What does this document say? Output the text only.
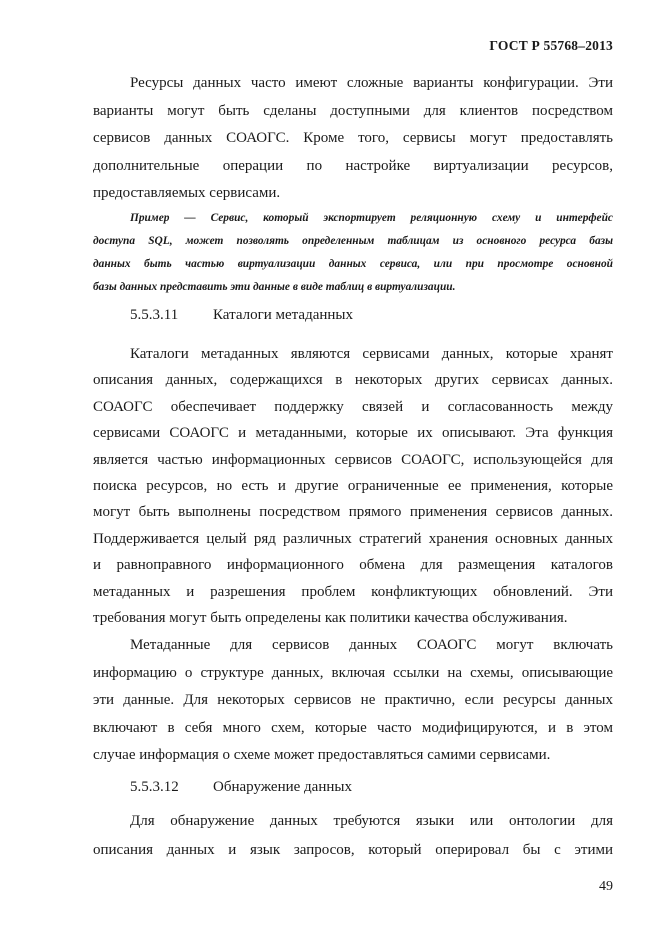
ГОСТ Р 55768–2013
Ресурсы данных часто имеют сложные варианты конфигурации. Эти
варианты могут быть сделаны доступными для клиентов посредством
сервисов данных СОАОГС. Кроме того, сервисы могут предоставлять
дополнительные операции по настройке виртуализации ресурсов,
предоставляемых сервисами.
Пример — Сервис, который экспортирует реляционную схему и интерфейс
доступа SQL, может позволять определенным таблицам из основного ресурса базы
данных быть частью виртуализации данных сервиса, или при просмотре основной
базы данных представить эти данные в виде таблиц в виртуализации.
5.5.3.11 Каталоги метаданных
Каталоги метаданных являются сервисами данных, которые хранят
описания данных, содержащихся в некоторых других сервисах данных.
СОАОГС обеспечивает поддержку связей и согласованность между
сервисами СОАОГС и метаданными, которые их описывают. Эта функция
является частью информационных сервисов СОАОГС, использующейся для
поиска ресурсов, но есть и другие ограниченные ее применения, которые
могут быть выполнены посредством прямого применения сервисов данных.
Поддерживается целый ряд различных стратегий хранения основных данных
и равноправного информационного обмена для размещения каталогов
метаданных и разрешения проблем конфликтующих обновлений. Эти
требования могут быть определены как политики качества обслуживания.
Метаданные для сервисов данных СОАОГС могут включать
информацию о структуре данных, включая ссылки на схемы, описывающие
эти данные. Для некоторых сервисов не практично, если ресурсы данных
включают в себя много схем, которые часто модифицируются, и в этом
случае информация о схеме может предоставляться самими сервисами.
5.5.3.12 Обнаружение данных
Для обнаружение данных требуются языки или онтологии для
описания данных и язык запросов, который оперировал бы с этими
49
